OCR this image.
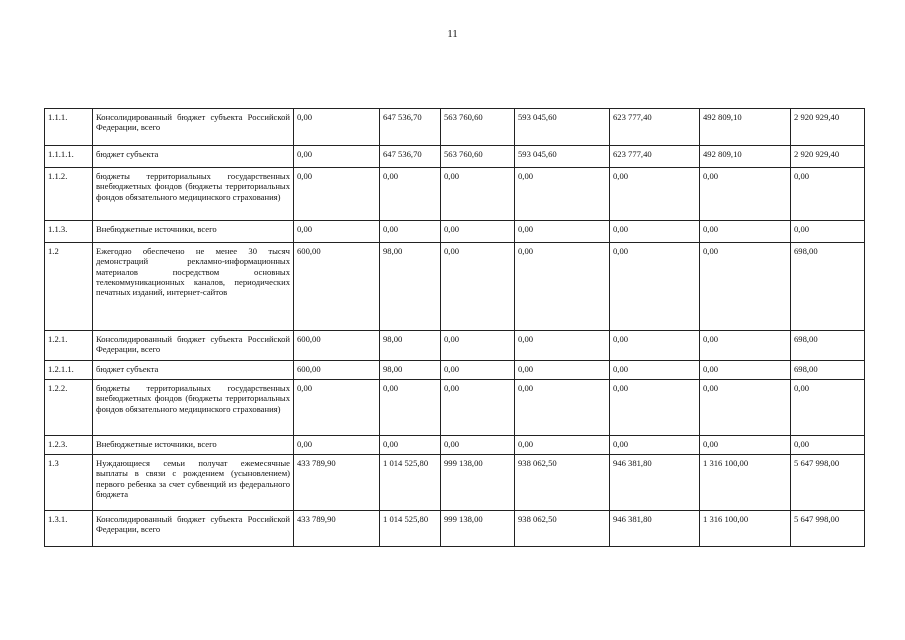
11
1.1.1.	Консолидированный бюджет субъекта Российской Федерации, всего	0,00	647 536,70	563 760,60	593 045,60	623 777,40	492 809,10	2 920 929,40
1.1.1.1.	бюджет субъекта	0,00	647 536,70	563 760,60	593 045,60	623 777,40	492 809,10	2 920 929,40
1.1.2.	бюджеты территориальных государственных внебюджетных фондов (бюджеты территориальных фондов обязательного медицинского страхования)	0,00	0,00	0,00	0,00	0,00	0,00	0,00
1.1.3.	Внебюджетные источники, всего	0,00	0,00	0,00	0,00	0,00	0,00	0,00
1.2	Ежегодно обеспечено не менее 30 тысяч демонстраций рекламно-информационных материалов посредством основных телекоммуникационных каналов, периодических печатных изданий, интернет-сайтов	600,00	98,00	0,00	0,00	0,00	0,00	698,00
1.2.1.	Консолидированный бюджет субъекта Российской Федерации, всего	600,00	98,00	0,00	0,00	0,00	0,00	698,00
1.2.1.1.	бюджет субъекта	600,00	98,00	0,00	0,00	0,00	0,00	698,00
1.2.2.	бюджеты территориальных государственных внебюджетных фондов (бюджеты территориальных фондов обязательного медицинского страхования)	0,00	0,00	0,00	0,00	0,00	0,00	0,00
1.2.3.	Внебюджетные источники, всего	0,00	0,00	0,00	0,00	0,00	0,00	0,00
1.3	Нуждающиеся семьи получат ежемесячные выплаты в связи с рождением (усыновлением) первого ребенка за счет субвенций из федерального бюджета	433 789,90	1 014 525,80	999 138,00	938 062,50	946 381,80	1 316 100,00	5 647 998,00
1.3.1.	Консолидированный бюджет субъекта Российской Федерации, всего	433 789,90	1 014 525,80	999 138,00	938 062,50	946 381,80	1 316 100,00	5 647 998,00
